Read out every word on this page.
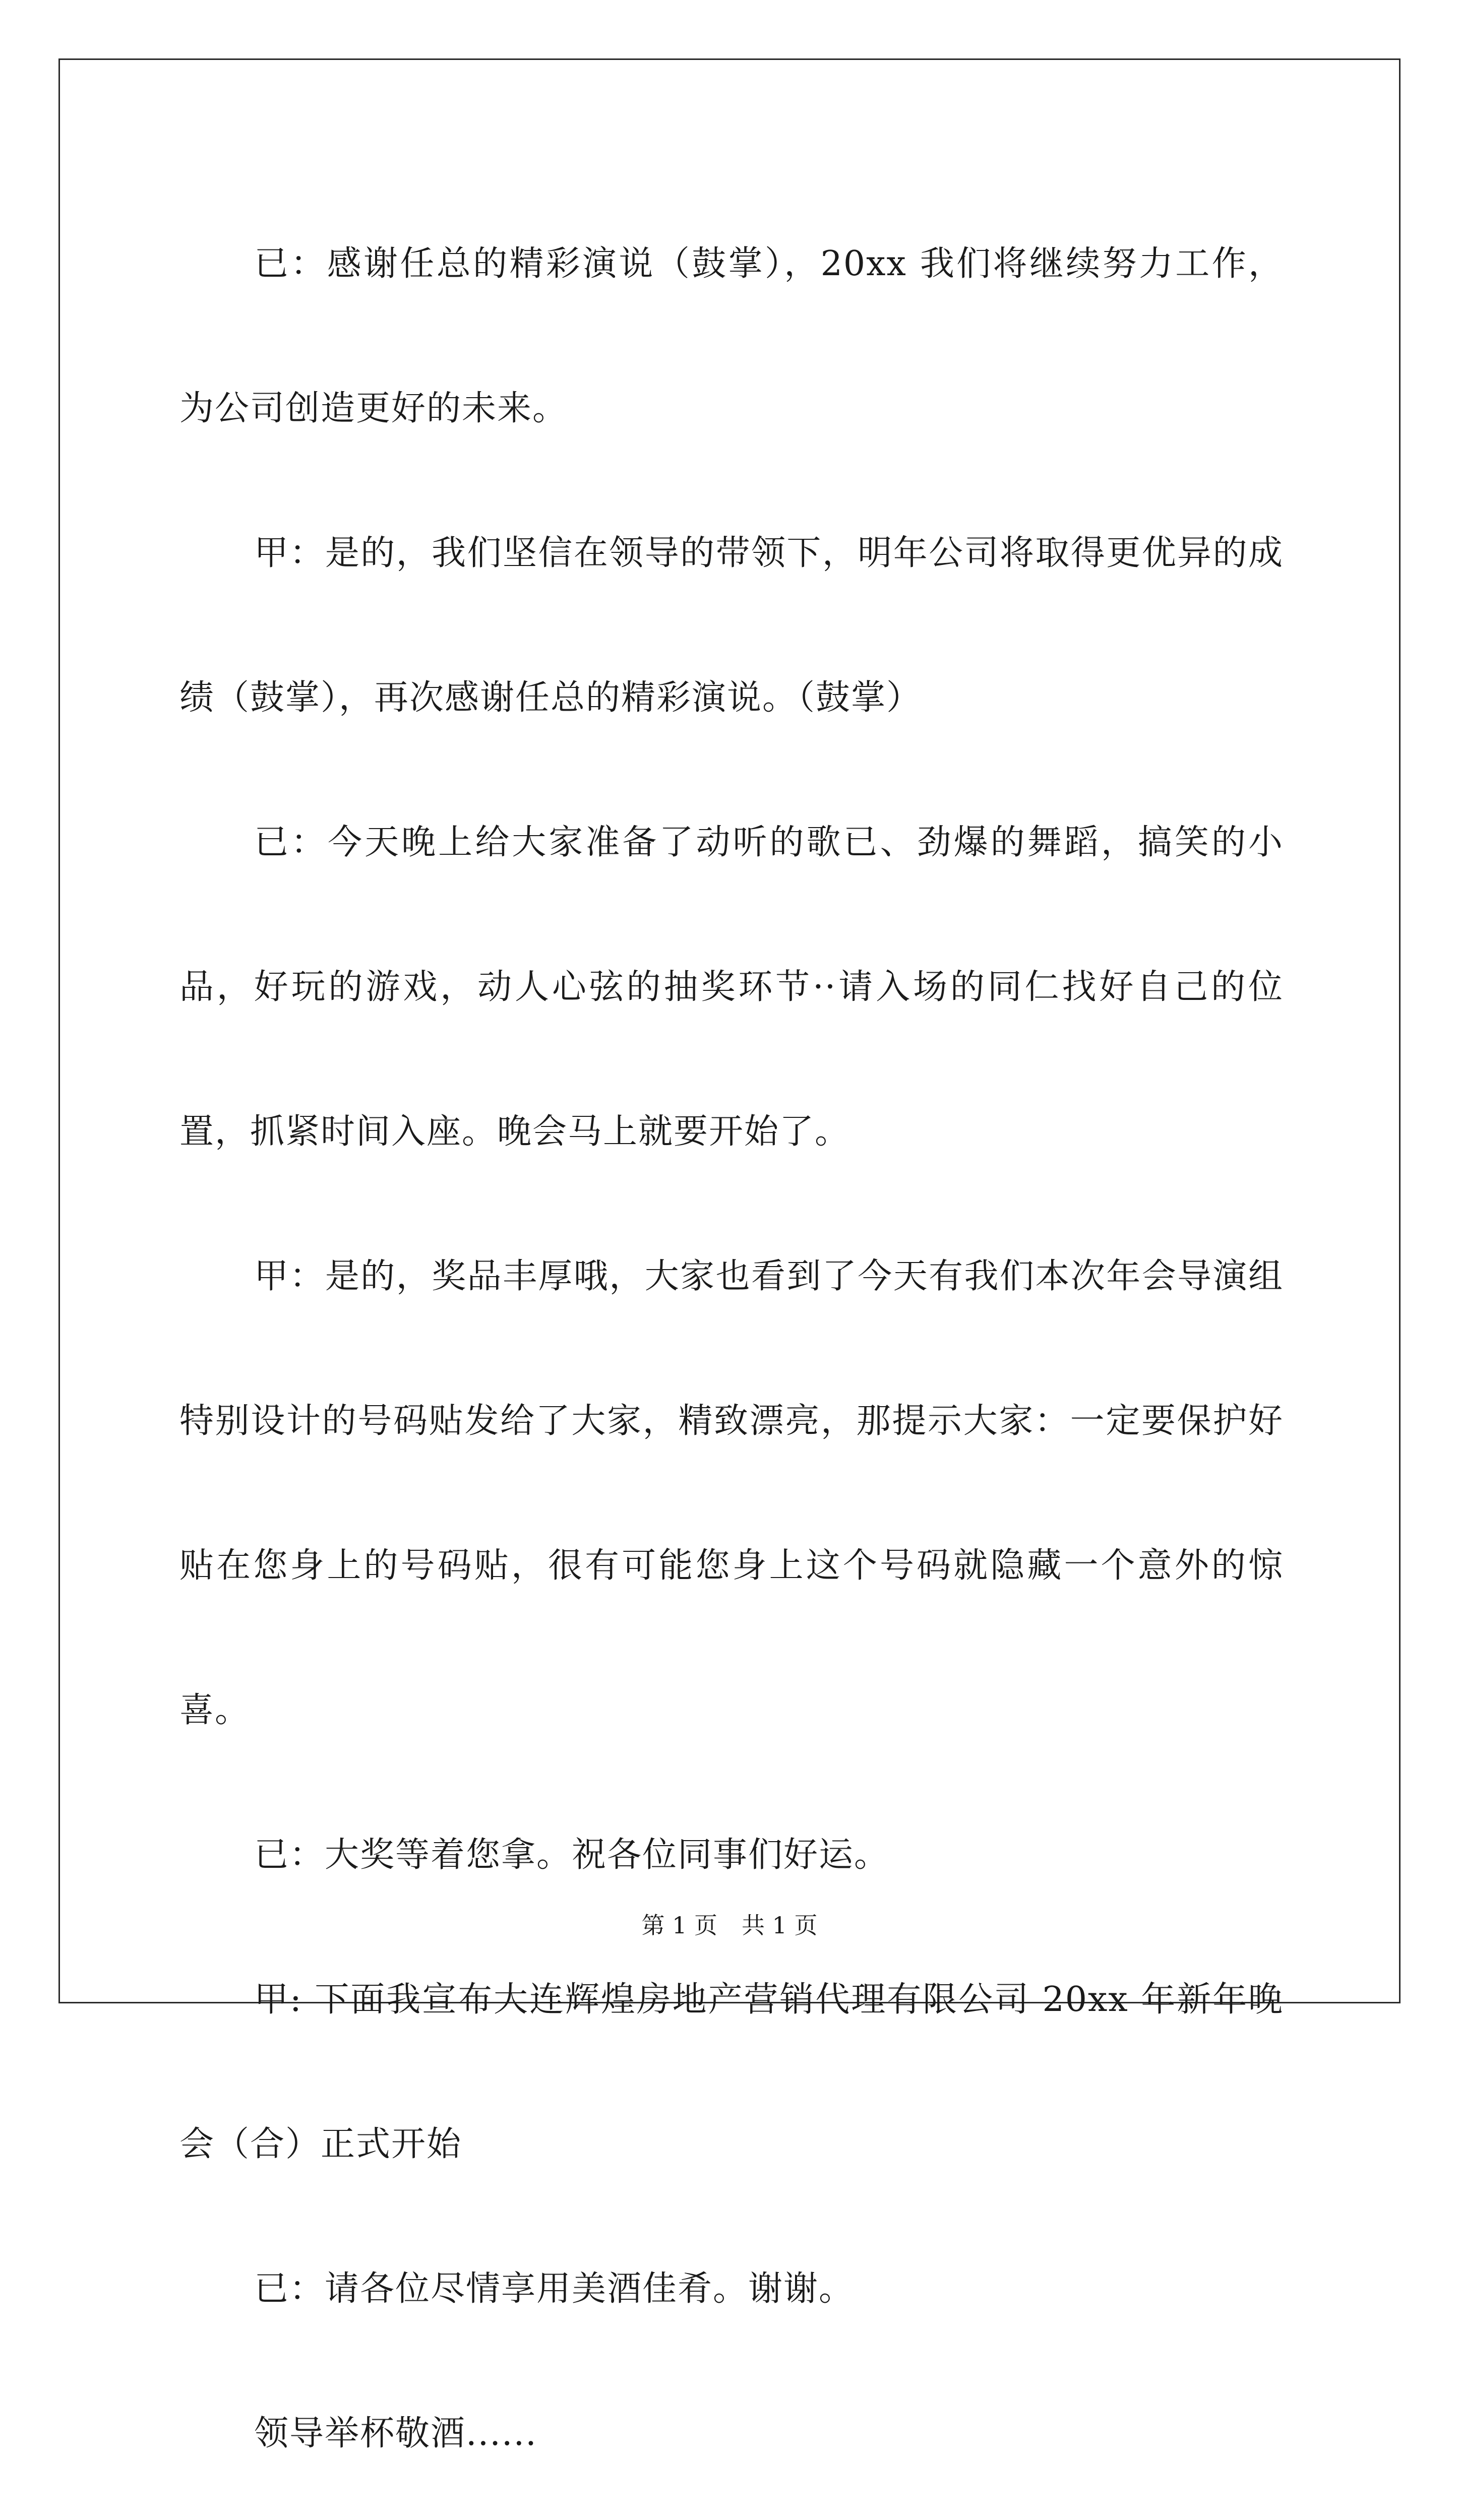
已：感谢任总的精彩演说（鼓掌），20xx 我们将继续努力工作，为公司创造更好的未来。

甲：是的，我们坚信在领导的带领下，明年公司将取得更优异的成绩（鼓掌），再次感谢任总的精彩演说。（鼓掌）

已：今天晚上给大家准备了动听的歌已、劲爆的舞蹈，搞笑的小品，好玩的游戏，动人心弦的抽奖环节··请入场的同仁找好自己的位置，抓紧时间入座。晚会马上就要开始了。

甲：是的，奖品丰厚哦，大家也看到了今天有我们本次年会导演组特别设计的号码贴发给了大家，精致漂亮，那提示大家：一定要保护好贴在您身上的号码贴，很有可能您身上这个号码就隐藏一个意外的惊喜。

已：大奖等着您拿。祝各位同事们好运。

甲: 下面我宣布大连辉煌房地产营销代理有限公司 20xx 年新年晚会（合）正式开始

已：请各位尽情享用美酒佳肴。谢谢。

领导举杯敬酒......

第 1 页 共 1 页
